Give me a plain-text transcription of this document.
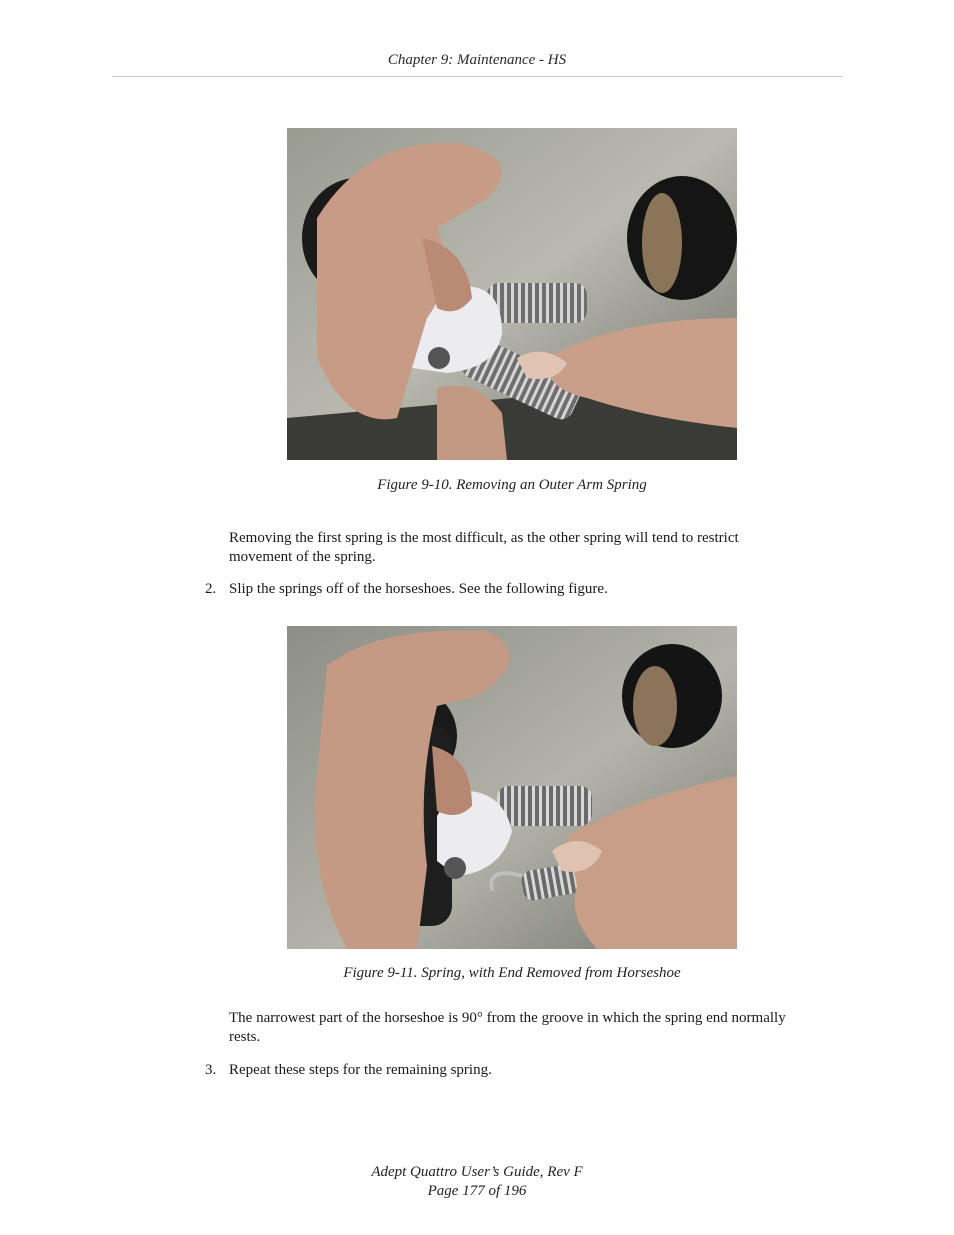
Chapter 9: Maintenance - HS
Figure 9-10. Removing an Outer Arm Spring
Removing the first spring is the most difficult, as the other spring will tend to restrict movement of the spring.
2. Slip the springs off of the horseshoes. See the following figure.
Figure 9-11. Spring, with End Removed from Horseshoe
The narrowest part of the horseshoe is 90° from the groove in which the spring end normally rests.
3. Repeat these steps for the remaining spring.
Adept Quattro User’s Guide, Rev F
Page 177 of 196
